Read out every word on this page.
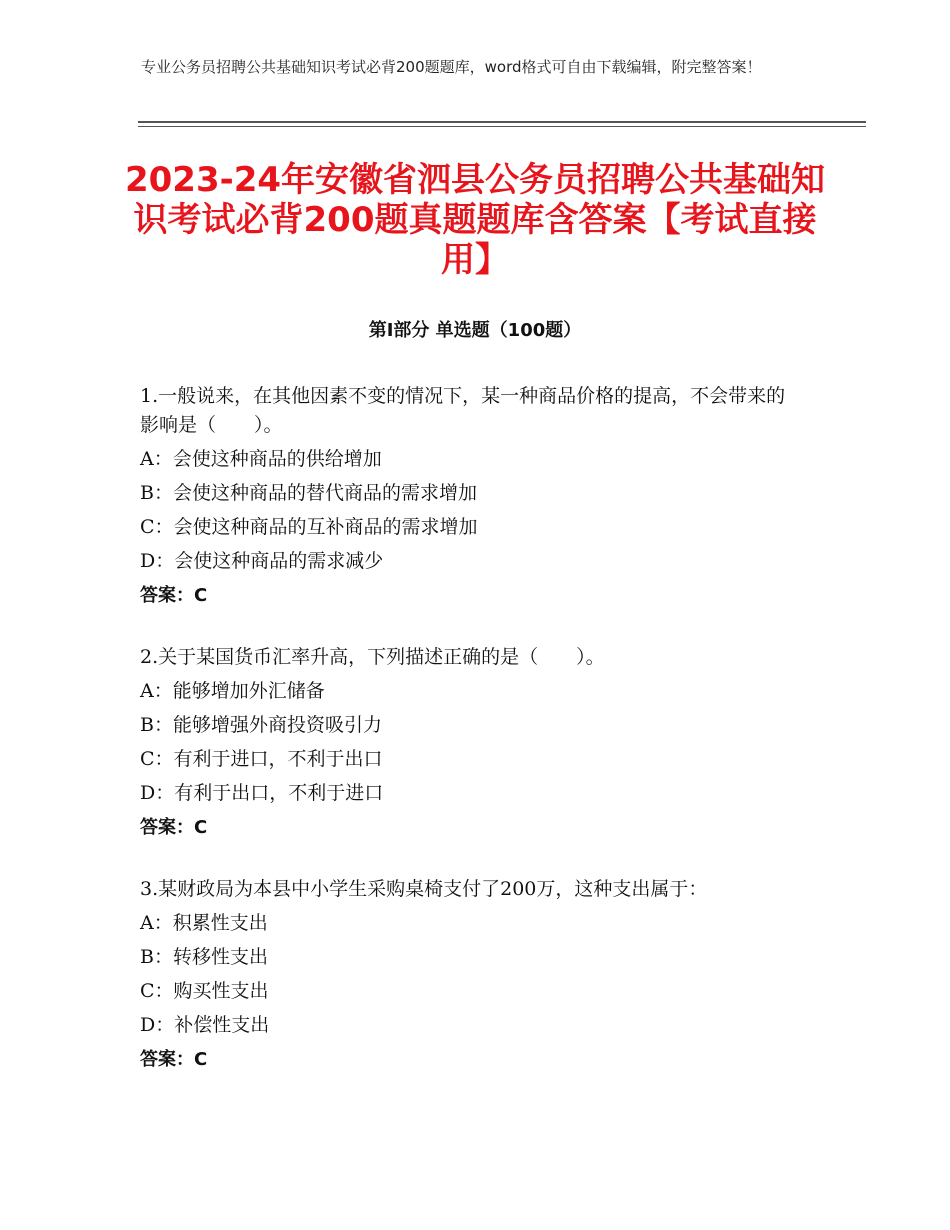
专业公务员招聘公共基础知识考试必背200题题库，word格式可自由下载编辑，附完整答案！
2023-24年安徽省泗县公务员招聘公共基础知识考试必背200题真题题库含答案【考试直接用】
第Ⅰ部分 单选题（100题）
1.一般说来，在其他因素不变的情况下，某一种商品价格的提高，不会带来的影响是（　　）。
A：会使这种商品的供给增加
B：会使这种商品的替代商品的需求增加
C：会使这种商品的互补商品的需求增加
D：会使这种商品的需求减少
答案：C
2.关于某国货币汇率升高，下列描述正确的是（　　）。
A：能够增加外汇储备
B：能够增强外商投资吸引力
C：有利于进口，不利于出口
D：有利于出口，不利于进口
答案：C
3.某财政局为本县中小学生采购桌椅支付了200万，这种支出属于：
A：积累性支出
B：转移性支出
C：购买性支出
D：补偿性支出
答案：C
